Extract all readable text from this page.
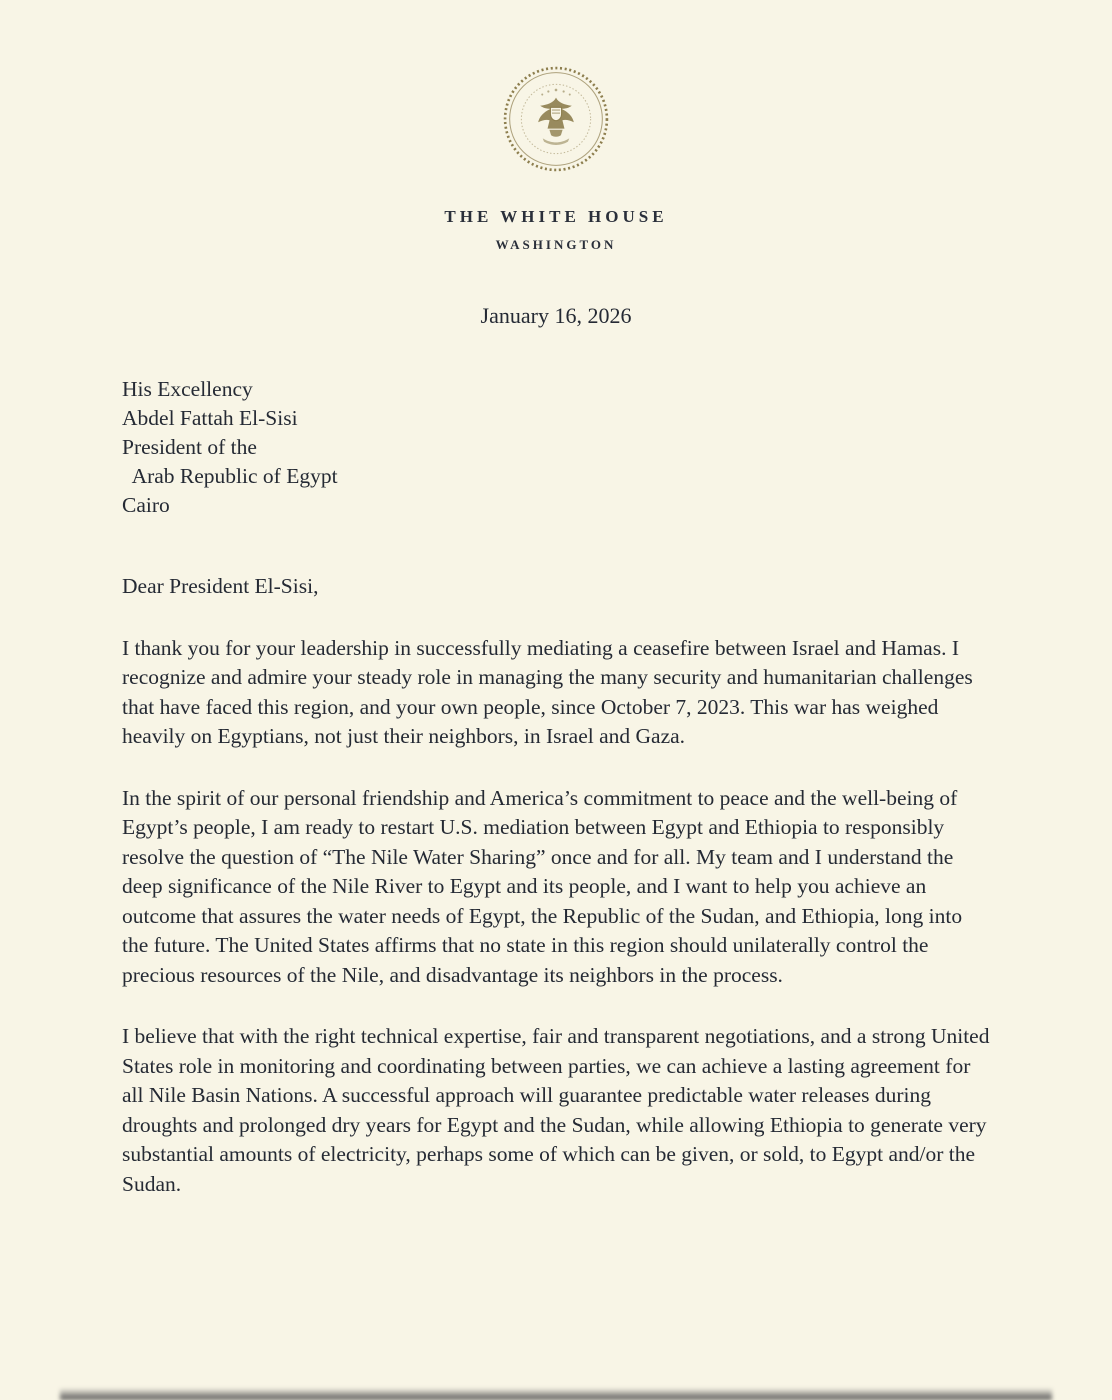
THE WHITE HOUSE
WASHINGTON
January 16, 2026
His Excellency
Abdel Fattah El-Sisi
President of the
Arab Republic of Egypt
Cairo
Dear President El-Sisi,
I thank you for your leadership in successfully mediating a ceasefire between Israel and Hamas. I recognize and admire your steady role in managing the many security and humanitarian challenges that have faced this region, and your own people, since October 7, 2023. This war has weighed heavily on Egyptians, not just their neighbors, in Israel and Gaza.
In the spirit of our personal friendship and America’s commitment to peace and the well-being of Egypt’s people, I am ready to restart U.S. mediation between Egypt and Ethiopia to responsibly resolve the question of “The Nile Water Sharing” once and for all. My team and I understand the deep significance of the Nile River to Egypt and its people, and I want to help you achieve an outcome that assures the water needs of Egypt, the Republic of the Sudan, and Ethiopia, long into the future. The United States affirms that no state in this region should unilaterally control the precious resources of the Nile, and disadvantage its neighbors in the process.
I believe that with the right technical expertise, fair and transparent negotiations, and a strong United States role in monitoring and coordinating between parties, we can achieve a lasting agreement for all Nile Basin Nations. A successful approach will guarantee predictable water releases during droughts and prolonged dry years for Egypt and the Sudan, while allowing Ethiopia to generate very substantial amounts of electricity, perhaps some of which can be given, or sold, to Egypt and/or the Sudan.
